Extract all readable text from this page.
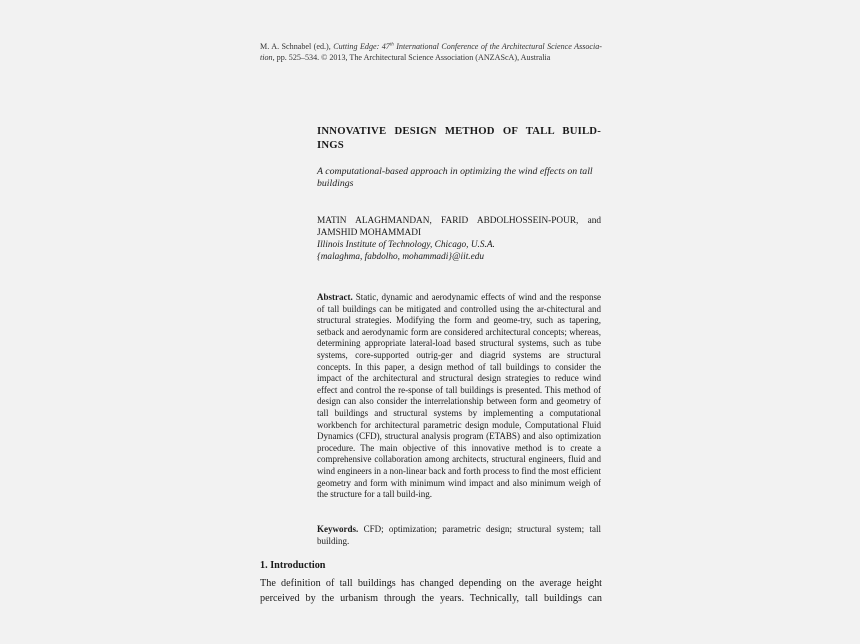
M. A. Schnabel (ed.), Cutting Edge: 47th International Conference of the Architectural Science Associa-tion, pp. 525–534. © 2013, The Architectural Science Association (ANZAScA), Australia
INNOVATIVE DESIGN METHOD OF TALL BUILD-
INGS
A computational-based approach in optimizing the wind effects on tall buildings
MATIN ALAGHMANDAN, FARID ABDOLHOSSEIN-POUR, and
JAMSHID MOHAMMADI
Illinois Institute of Technology, Chicago, U.S.A.
{malaghma, fabdolho, mohammadi}@iit.edu
Abstract. Static, dynamic and aerodynamic effects of wind and the response of tall buildings can be mitigated and controlled using the ar-chitectural and structural strategies. Modifying the form and geome-try, such as tapering, setback and aerodynamic form are considered architectural concepts; whereas, determining appropriate lateral-load based structural systems, such as tube systems, core-supported outrig-ger and diagrid systems are structural concepts. In this paper, a design method of tall buildings to consider the impact of the architectural and structural design strategies to reduce wind effect and control the re-sponse of tall buildings is presented. This method of design can also consider the interrelationship between form and geometry of tall buildings and structural systems by implementing a computational workbench for architectural parametric design module, Computational Fluid Dynamics (CFD), structural analysis program (ETABS) and also optimization procedure. The main objective of this innovative method is to create a comprehensive collaboration among architects, structural engineers, fluid and wind engineers in a non-linear back and forth process to find the most efficient geometry and form with minimum wind impact and also minimum weigh of the structure for a tall build-ing.
Keywords. CFD; optimization; parametric design; structural system; tall building.
1. Introduction
The definition of tall buildings has changed depending on the average height
perceived by the urbanism through the years. Technically, tall buildings can
